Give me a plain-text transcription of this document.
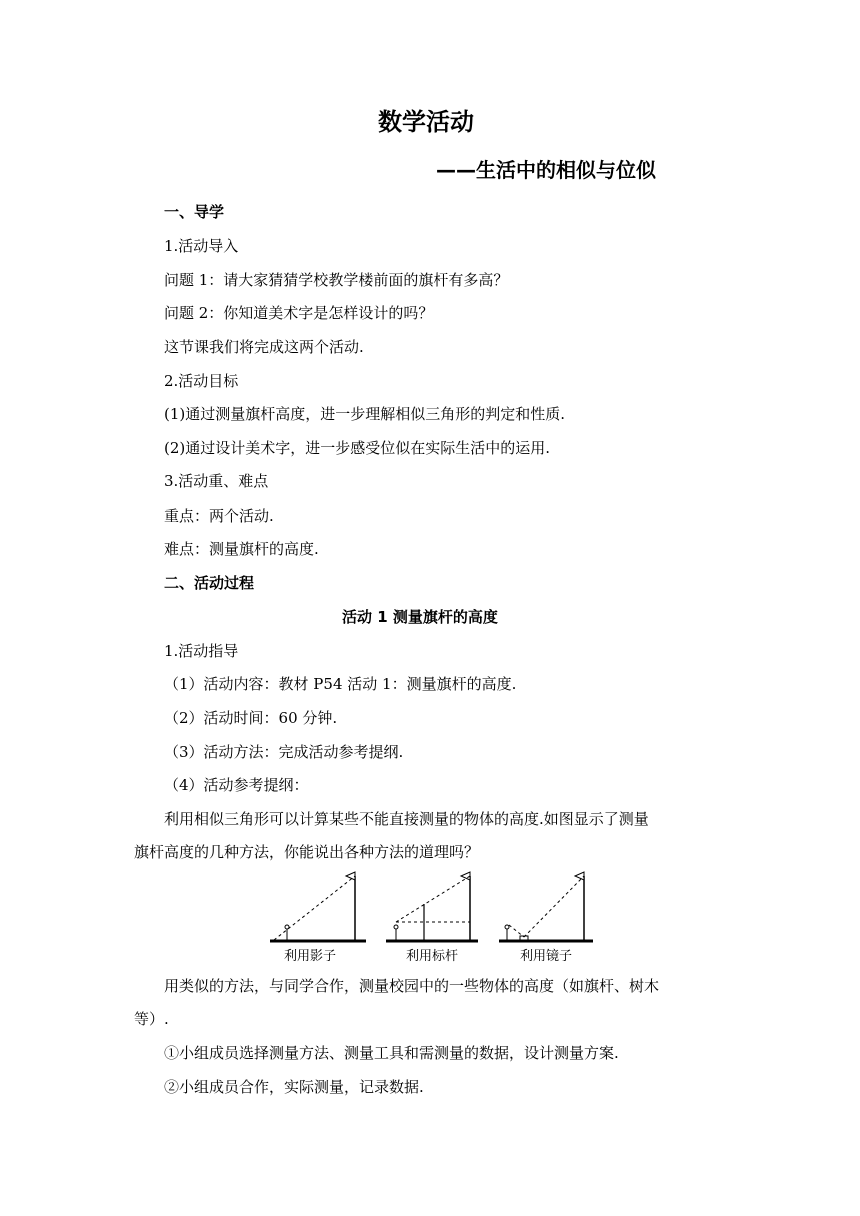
数学活动
——生活中的相似与位似
一、导学
1.活动导入
问题 1：请大家猜猜学校教学楼前面的旗杆有多高？
问题 2：你知道美术字是怎样设计的吗？
这节课我们将完成这两个活动.
2.活动目标
(1)通过测量旗杆高度，进一步理解相似三角形的判定和性质.
(2)通过设计美术字，进一步感受位似在实际生活中的运用.
3.活动重、难点
重点：两个活动.
难点：测量旗杆的高度.
二、活动过程
活动 1 测量旗杆的高度
1.活动指导
（1）活动内容：教材 P54 活动 1：测量旗杆的高度.
（2）活动时间：60 分钟.
（3）活动方法：完成活动参考提纲.
（4）活动参考提纲：
利用相似三角形可以计算某些不能直接测量的物体的高度.如图显示了测量
旗杆高度的几种方法，你能说出各种方法的道理吗？
利用影子	利用标杆	利用镜子
用类似的方法，与同学合作，测量校园中的一些物体的高度（如旗杆、树木
等）.
①小组成员选择测量方法、测量工具和需测量的数据，设计测量方案.
②小组成员合作，实际测量，记录数据.
